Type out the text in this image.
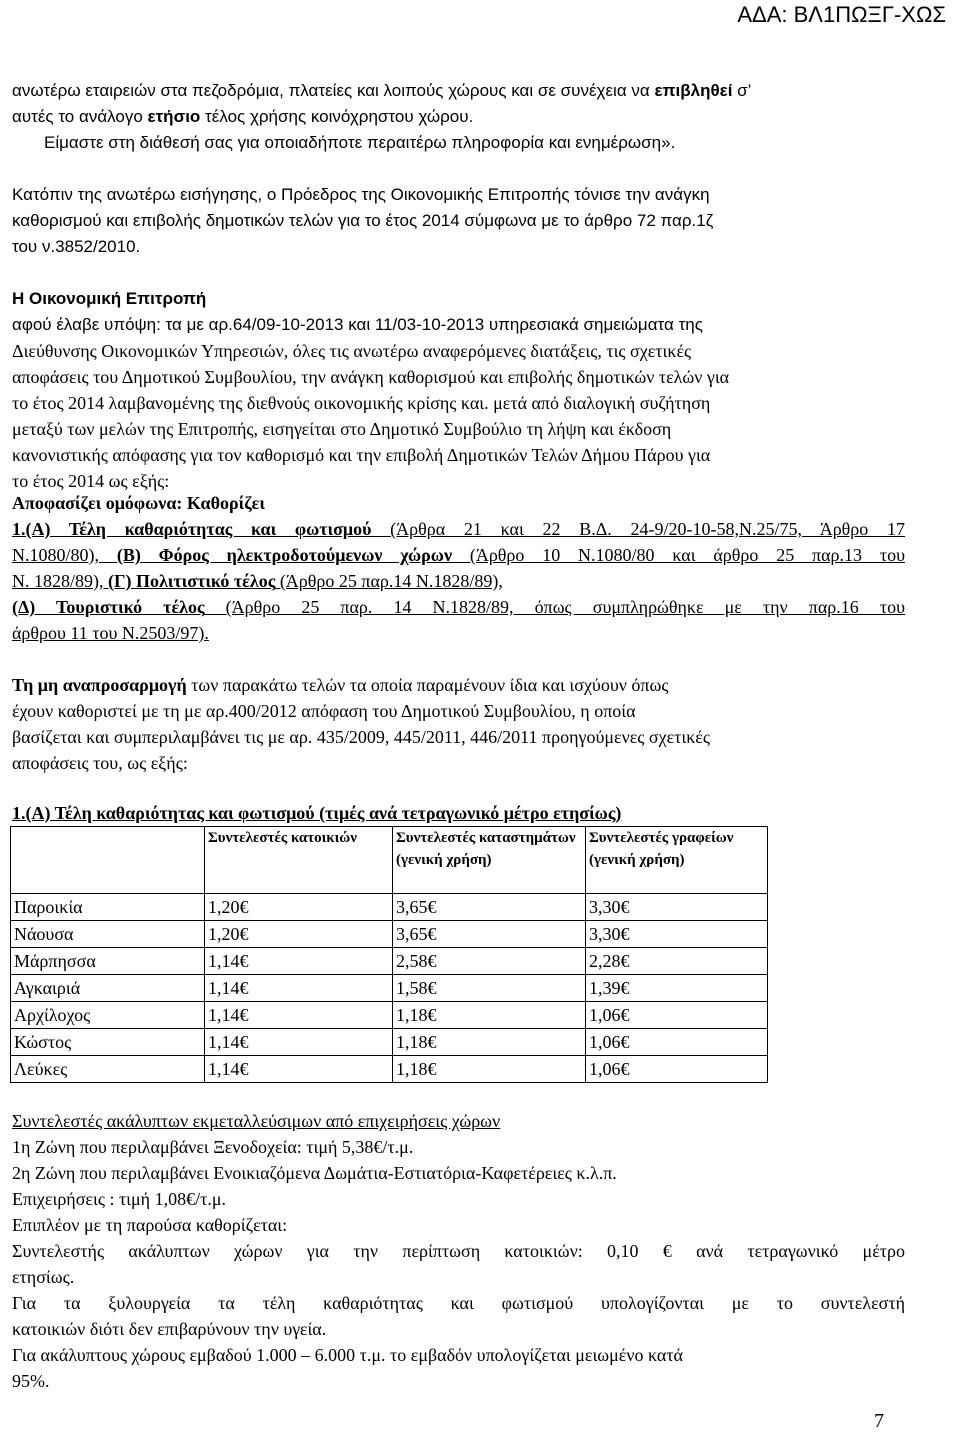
ΑΔΑ: ΒΛ1ΠΩΞΓ-ΧΩΣ
ανωτέρω εταιρειών στα πεζοδρόμια, πλατείες και λοιπούς χώρους και σε συνέχεια να επιβληθεί σ’
αυτές το ανάλογο ετήσιο τέλος χρήσης κοινόχρηστου χώρου.
Είμαστε στη διάθεσή σας για οποιαδήποτε περαιτέρω πληροφορία και ενημέρωση».
Κατόπιν της ανωτέρω εισήγησης, ο Πρόεδρος της Οικονομικής Επιτροπής τόνισε την ανάγκη
καθορισμού και επιβολής δημοτικών τελών για το έτος 2014 σύμφωνα με το άρθρο 72 παρ.1ζ
του ν.3852/2010.
Η Οικονομική Επιτροπή
αφού έλαβε υπόψη: τα με αρ.64/09-10-2013 και 11/03-10-2013 υπηρεσιακά σημειώματα της
Διεύθυνσης Οικονομικών Υπηρεσιών, όλες τις ανωτέρω αναφερόμενες διατάξεις, τις σχετικές
αποφάσεις του Δημοτικού Συμβουλίου, την ανάγκη καθορισμού και επιβολής δημοτικών τελών για
το έτος 2014 λαμβανομένης της διεθνούς οικονομικής κρίσης και. μετά από διαλογική συζήτηση
μεταξύ των μελών της Επιτροπής, εισηγείται στο Δημοτικό Συμβούλιο τη λήψη και έκδοση
κανονιστικής απόφασης για τον καθορισμό και την επιβολή Δημοτικών Τελών Δήμου Πάρου για
το έτος 2014 ως εξής:
Αποφασίζει ομόφωνα: Καθορίζει
1.(Α) Τέλη καθαριότητας και φωτισμού (Άρθρα 21 και 22 Β.Δ. 24-9/20-10-58,Ν.25/75, Άρθρο 17
Ν.1080/80), (Β) Φόρος ηλεκτροδοτούμενων χώρων (Άρθρο 10 Ν.1080/80 και άρθρο 25 παρ.13 του
Ν. 1828/89), (Γ) Πολιτιστικό τέλος (Άρθρο 25 παρ.14 Ν.1828/89),
(Δ) Τουριστικό τέλος (Άρθρο 25 παρ. 14 Ν.1828/89, όπως συμπληρώθηκε με την παρ.16 του
άρθρου 11 του Ν.2503/97).
Τη μη αναπροσαρμογή των παρακάτω τελών τα οποία παραμένουν ίδια και ισχύουν όπως
έχουν καθοριστεί με τη με αρ.400/2012 απόφαση του Δημοτικού Συμβουλίου, η οποία
βασίζεται και συμπεριλαμβάνει τις με αρ. 435/2009, 445/2011, 446/2011 προηγούμενες σχετικές
αποφάσεις του, ως εξής:
1.(Α) Τέλη καθαριότητας και φωτισμού (τιμές ανά τετραγωνικό μέτρο ετησίως)
	Συντελεστές κατοικιών	Συντελεστές καταστημάτων (γενική χρήση)	Συντελεστές γραφείων (γενική χρήση)
Παροικία	1,20€	3,65€	3,30€
Νάουσα	1,20€	3,65€	3,30€
Μάρπησσα	1,14€	2,58€	2,28€
Αγκαιριά	1,14€	1,58€	1,39€
Αρχίλοχος	1,14€	1,18€	1,06€
Κώστος	1,14€	1,18€	1,06€
Λεύκες	1,14€	1,18€	1,06€
Συντελεστές ακάλυπτων εκμεταλλεύσιμων από επιχειρήσεις χώρων
1η Ζώνη που περιλαμβάνει Ξενοδοχεία: τιμή 5,38€/τ.μ.
2η Ζώνη που περιλαμβάνει Ενοικιαζόμενα Δωμάτια-Εστιατόρια-Καφετέρειες κ.λ.π.
Επιχειρήσεις : τιμή 1,08€/τ.μ.
Επιπλέον με τη παρούσα καθορίζεται:
Συντελεστής ακάλυπτων χώρων για την περίπτωση κατοικιών: 0,10 € ανά τετραγωνικό μέτρο
ετησίως.
Για τα ξυλουργεία τα τέλη καθαριότητας και φωτισμού υπολογίζονται με το συντελεστή
κατοικιών διότι δεν επιβαρύνουν την υγεία.
Για ακάλυπτους χώρους εμβαδού 1.000 – 6.000 τ.μ. το εμβαδόν υπολογίζεται μειωμένο κατά
95%.
7
